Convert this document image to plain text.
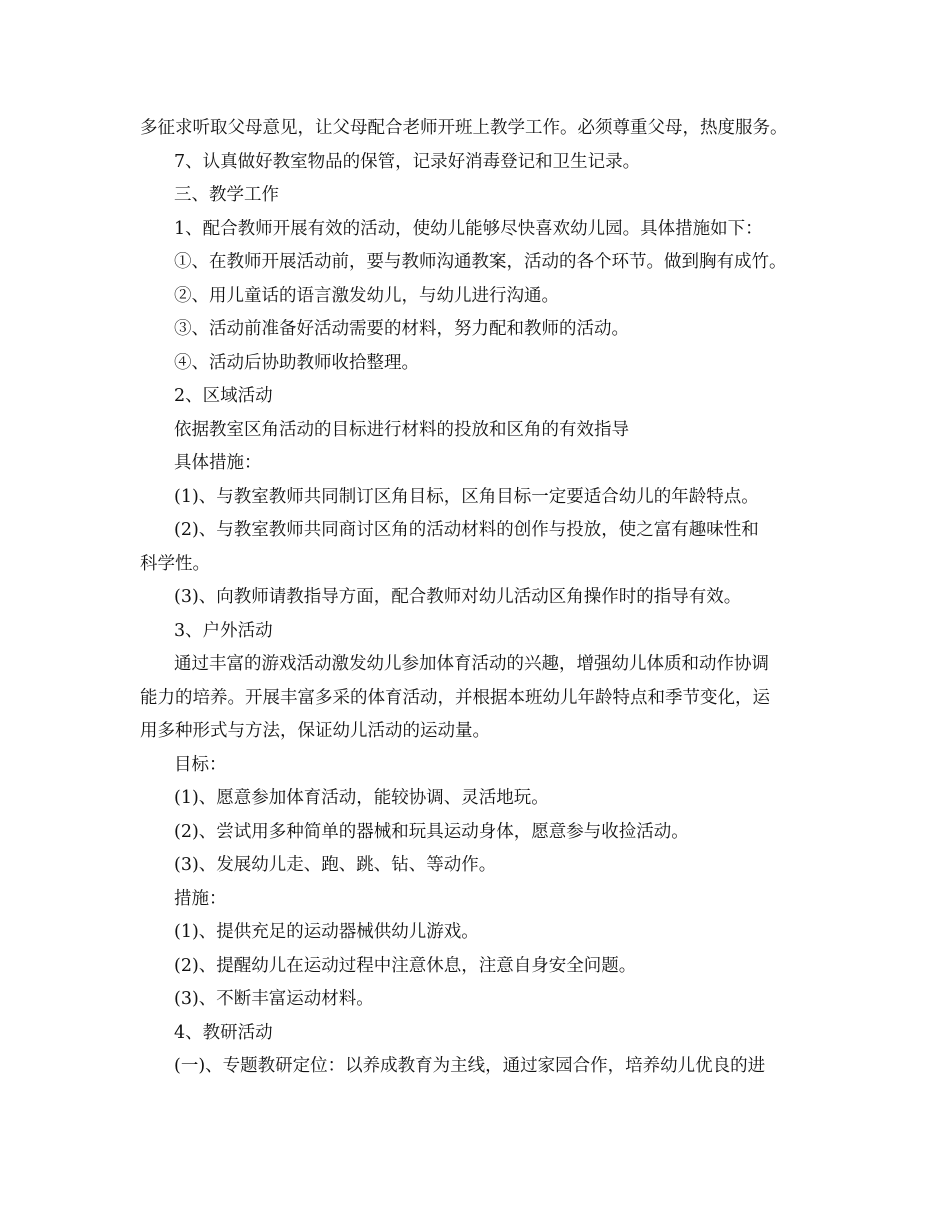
多征求听取父母意见，让父母配合老师开班上教学工作。必须尊重父母，热度服务。
7、认真做好教室物品的保管，记录好消毒登记和卫生记录。
三、教学工作
1、配合教师开展有效的活动，使幼儿能够尽快喜欢幼儿园。具体措施如下：
①、在教师开展活动前，要与教师沟通教案，活动的各个环节。做到胸有成竹。
②、用儿童话的语言激发幼儿，与幼儿进行沟通。
③、活动前准备好活动需要的材料，努力配和教师的活动。
④、活动后协助教师收拾整理。
2、区域活动
依据教室区角活动的目标进行材料的投放和区角的有效指导
具体措施：
(1)、与教室教师共同制订区角目标，区角目标一定要适合幼儿的年龄特点。
(2)、与教室教师共同商讨区角的活动材料的创作与投放，使之富有趣味性和
科学性。
(3)、向教师请教指导方面，配合教师对幼儿活动区角操作时的指导有效。
3、户外活动
通过丰富的游戏活动激发幼儿参加体育活动的兴趣，增强幼儿体质和动作协调
能力的培养。开展丰富多采的体育活动，并根据本班幼儿年龄特点和季节变化，运
用多种形式与方法，保证幼儿活动的运动量。
目标：
(1)、愿意参加体育活动，能较协调、灵活地玩。
(2)、尝试用多种简单的器械和玩具运动身体，愿意参与收捡活动。
(3)、发展幼儿走、跑、跳、钻、等动作。
措施：
(1)、提供充足的运动器械供幼儿游戏。
(2)、提醒幼儿在运动过程中注意休息，注意自身安全问题。
(3)、不断丰富运动材料。
4、教研活动
(一)、专题教研定位：以养成教育为主线，通过家园合作，培养幼儿优良的进
